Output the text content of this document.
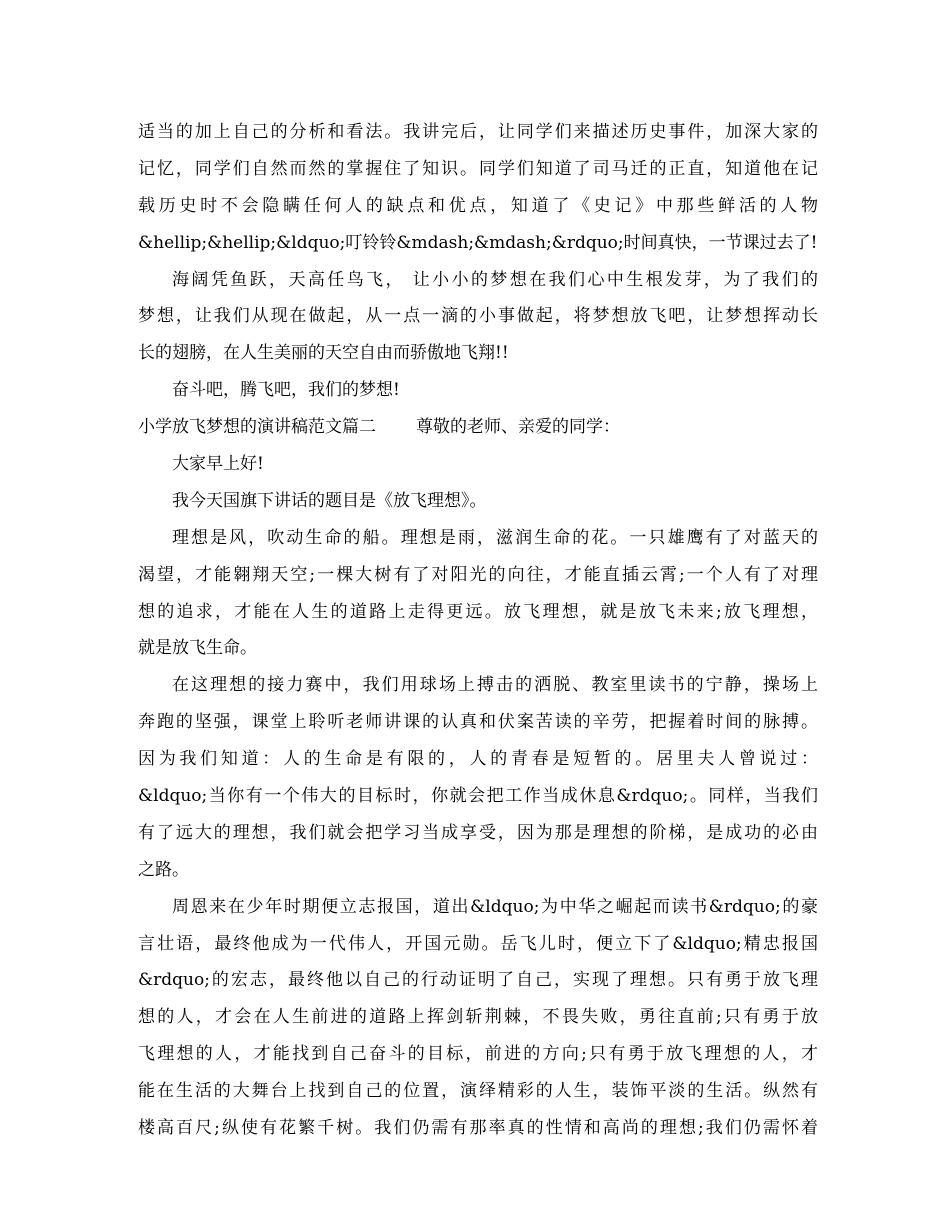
适当的加上自己的分析和看法。我讲完后，让同学们来描述历史事件，加深大家的
记忆，同学们自然而然的掌握住了知识。同学们知道了司马迁的正直，知道他在记
载历史时不会隐瞒任何人的缺点和优点，知道了《史记》中那些鲜活的人物
&hellip;&hellip;&ldquo;叮铃铃&mdash;&mdash;&rdquo;时间真快，一节课过去了!
海阔凭鱼跃，天高任鸟飞， 让小小的梦想在我们心中生根发芽，为了我们的
梦想，让我们从现在做起，从一点一滴的小事做起，将梦想放飞吧，让梦想挥动长
长的翅膀，在人生美丽的天空自由而骄傲地飞翔!!
奋斗吧，腾飞吧，我们的梦想!
小学放飞梦想的演讲稿范文篇二 尊敬的老师、亲爱的同学：
大家早上好!
我今天国旗下讲话的题目是《放飞理想》。
理想是风，吹动生命的船。理想是雨，滋润生命的花。一只雄鹰有了对蓝天的
渴望，才能翱翔天空;一棵大树有了对阳光的向往，才能直插云霄;一个人有了对理
想的追求，才能在人生的道路上走得更远。放飞理想，就是放飞未来;放飞理想，
就是放飞生命。
在这理想的接力赛中，我们用球场上搏击的洒脱、教室里读书的宁静，操场上
奔跑的坚强，课堂上聆听老师讲课的认真和伏案苦读的辛劳，把握着时间的脉搏。
因为我们知道：人的生命是有限的，人的青春是短暂的。居里夫人曾说过：
&ldquo;当你有一个伟大的目标时，你就会把工作当成休息&rdquo;。同样，当我们
有了远大的理想，我们就会把学习当成享受，因为那是理想的阶梯，是成功的必由
之路。
周恩来在少年时期便立志报国，道出&ldquo;为中华之崛起而读书&rdquo;的豪
言壮语，最终他成为一代伟人，开国元勋。岳飞儿时，便立下了&ldquo;精忠报国
&rdquo;的宏志，最终他以自己的行动证明了自己，实现了理想。只有勇于放飞理
想的人，才会在人生前进的道路上挥剑斩荆棘，不畏失败，勇往直前;只有勇于放
飞理想的人，才能找到自己奋斗的目标，前进的方向;只有勇于放飞理想的人，才
能在生活的大舞台上找到自己的位置，演绎精彩的人生，装饰平淡的生活。纵然有
楼高百尺;纵使有花繁千树。我们仍需有那率真的性情和高尚的理想;我们仍需怀着
